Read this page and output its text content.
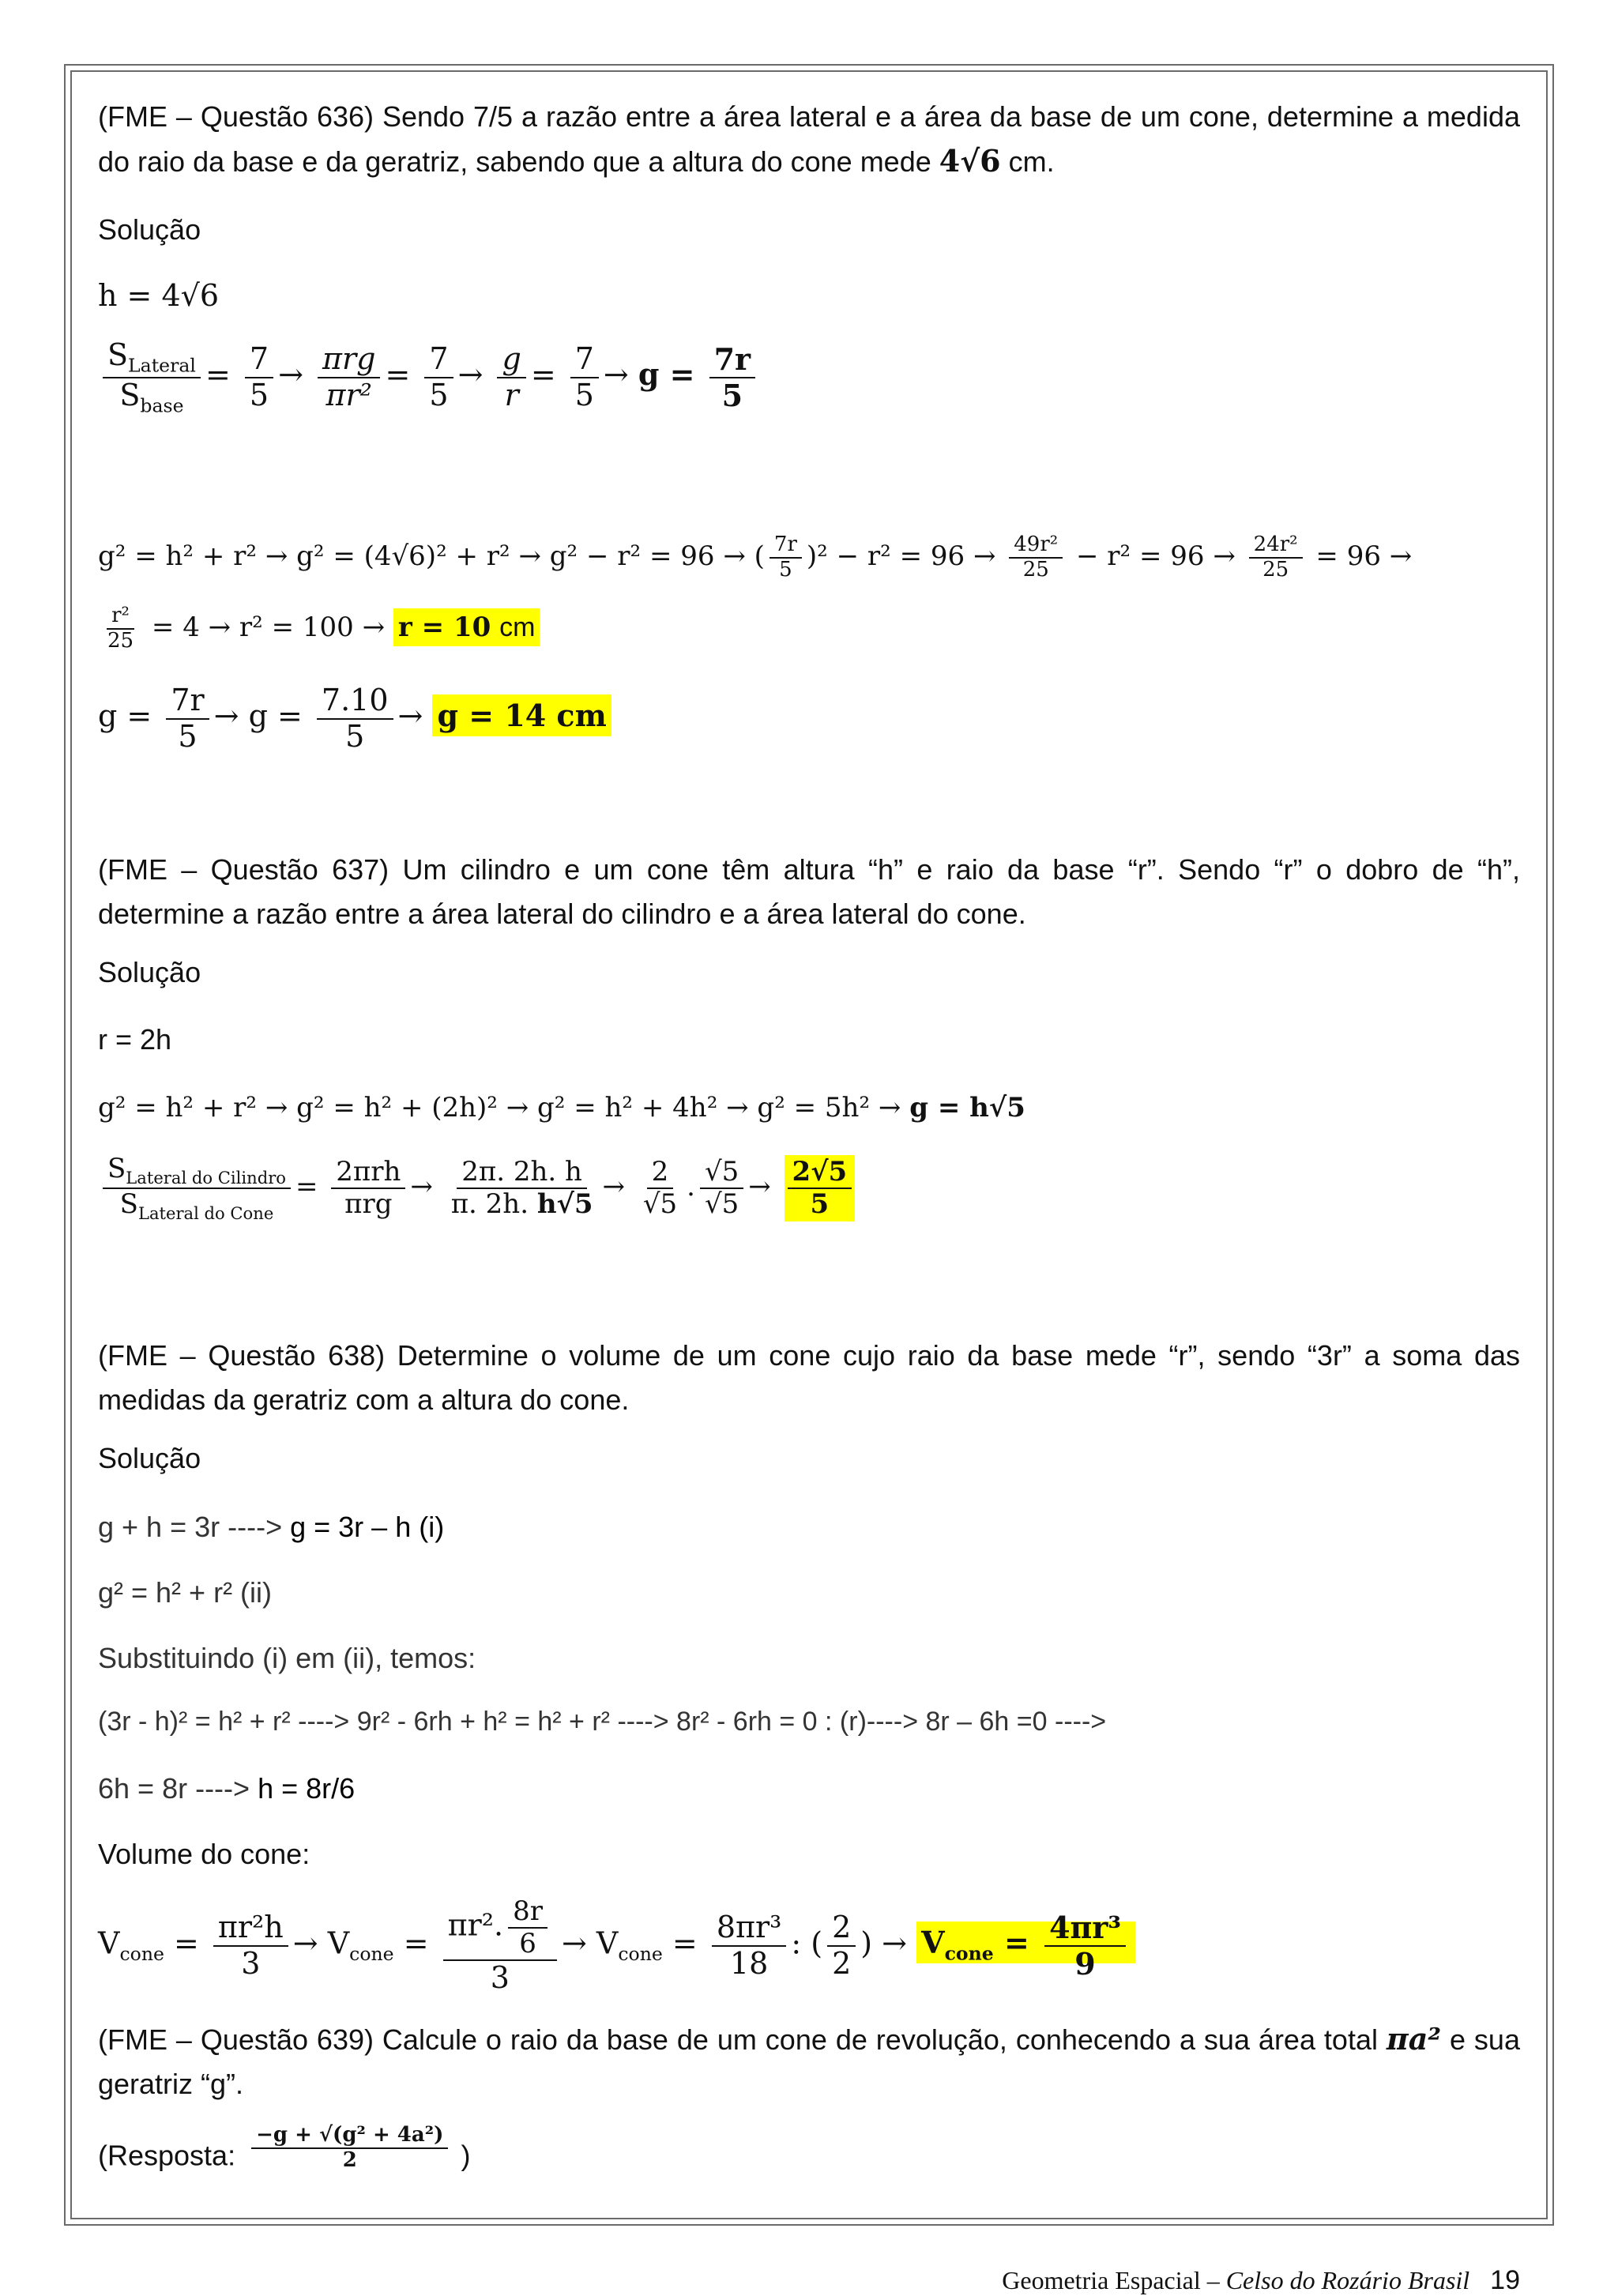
(FME – Questão 636) Sendo 7/5 a razão entre a área lateral e a área da base de um cone, determine a medida do raio da base e da geratriz, sabendo que a altura do cone mede 4√6 cm.
Solução
h = 4√6
$\frac{S_{Lateral}}{S_{base}} = \frac{7}{5} \to \frac{\text{πrg}}{\text{πr²}} = \frac{7}{5} \to \frac{g}{r} = \frac{7}{5} \to g = \frac{7r}{5}$
g² = h² + r² → g² = (4√6)² + r² → g² − r² = 96 → ( $\frac{7r}{5} )^2 - r^2 = 96 \to \frac{\text{49r²}}{25} - r^2 = 96 \to \frac{\text{24r²}}{25} = 96$ →
$\frac{\text{r²}}{25} = 4 \to r^2 = 100 \to r = 10$ cm
$g = \frac{7r}{5} \to g = \frac{7.10}{5} \to g = 14$ cm
(FME – Questão 637) Um cilindro e um cone têm altura “h” e raio da base “r”. Sendo “r” o dobro de “h”, determine a razão entre a área lateral do cilindro e a área lateral do cone.
Solução
r = 2h
g² = h² + r² → g² = h² + (2h)² → g² = h² + 4h² → g² = 5h² → g = h√5
$\frac{S_{Lateral do Cilindro}}{S_{Lateral do Cone}} = \frac{\text{2πrh}}{\text{πrg}} \to \frac{2\pi. 2h. h}{\pi. 2h. h√5} \to \frac{2}{√5}$ . $\frac{√5}{√5} \to \frac{2√5}{5}$
(FME – Questão 638) Determine o volume de um cone cujo raio da base mede “r”, sendo “3r” a soma das medidas da geratriz com a altura do cone.
Solução
g + h = 3r ----> g = 3r – h (i)
g² = h² + r² (ii)
Substituindo (i) em (ii), temos:
(3r - h)² = h² + r² ----> 9r² - 6rh + h² = h² + r² ----> 8r² - 6rh = 0 : (r)----> 8r – 6h =0 ---->
6h = 8r ----> h = 8r/6
Volume do cone:
$V_{cone} = \frac{\text{πr²h}}{3} \to V_{cone} = \frac{\pi r^2. \frac{8r}{6}}{3} \to V_{cone} = \frac{\text{8πr³}}{18}$ : ( $\frac{2}{2}$ ) → $V_{cone} = \frac{\text{4πr³}}{9}$
(FME – Questão 639) Calcule o raio da base de um cone de revolução, conhecendo a sua área total πa² e sua geratriz “g”.
(Resposta: $\frac{\text{−g + √(g² + 4a²)}}{2}$ )
Geometria Espacial – Celso do Rozário Brasil 19
